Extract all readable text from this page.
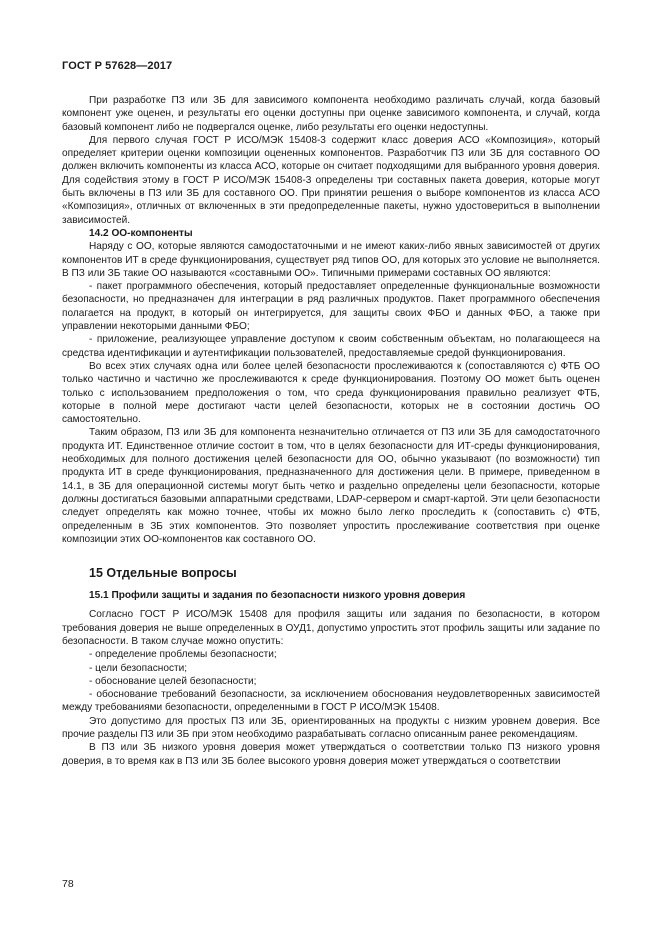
ГОСТ Р 57628—2017

При разработке ПЗ или ЗБ для зависимого компонента необходимо различать случай, когда базовый компонент уже оценен, и результаты его оценки доступны при оценке зависимого компонента, и случай, когда базовый компонент либо не подвергался оценке, либо результаты его оценки недоступны.

Для первого случая ГОСТ Р ИСО/МЭК 15408-3 содержит класс доверия АСО «Композиция», который определяет критерии оценки композиции оцененных компонентов. Разработчик ПЗ или ЗБ для составного ОО должен включить компоненты из класса АСО, которые он считает подходящими для выбранного уровня доверия. Для содействия этому в ГОСТ Р ИСО/МЭК 15408-3 определены три составных пакета доверия, которые могут быть включены в ПЗ или ЗБ для составного ОО. При принятии решения о выборе компонентов из класса АСО «Композиция», отличных от включенных в эти предопределенные пакеты, нужно удостовериться в выполнении зависимостей.

14.2 ОО-компоненты

Наряду с ОО, которые являются самодостаточными и не имеют каких-либо явных зависимостей от других компонентов ИТ в среде функционирования, существует ряд типов ОО, для которых это условие не выполняется. В ПЗ или ЗБ такие ОО называются «составными ОО». Типичными примерами составных ОО являются:

- пакет программного обеспечения, который предоставляет определенные функциональные возможности безопасности, но предназначен для интеграции в ряд различных продуктов. Пакет программного обеспечения полагается на продукт, в который он интегрируется, для защиты своих ФБО и данных ФБО, а также при управлении некоторыми данными ФБО;

- приложение, реализующее управление доступом к своим собственным объектам, но полагающееся на средства идентификации и аутентификации пользователей, предоставляемые средой функционирования.

Во всех этих случаях одна или более целей безопасности прослеживаются к (сопоставляются с) ФТБ ОО только частично и частично же прослеживаются к среде функционирования. Поэтому ОО может быть оценен только с использованием предположения о том, что среда функционирования правильно реализует ФТБ, которые в полной мере достигают части целей безопасности, которых не в состоянии достичь ОО самостоятельно.

Таким образом, ПЗ или ЗБ для компонента незначительно отличается от ПЗ или ЗБ для самодостаточного продукта ИТ. Единственное отличие состоит в том, что в целях безопасности для ИТ-среды функционирования, необходимых для полного достижения целей безопасности для ОО, обычно указывают (по возможности) тип продукта ИТ в среде функционирования, предназначенного для достижения цели. В примере, приведенном в 14.1, в ЗБ для операционной системы могут быть четко и раздельно определены цели безопасности, которые должны достигаться базовыми аппаратными средствами, LDAP-сервером и смарт-картой. Эти цели безопасности следует определять как можно точнее, чтобы их можно было легко проследить к (сопоставить с) ФТБ, определенным в ЗБ этих компонентов. Это позволяет упростить прослеживание соответствия при оценке композиции этих ОО-компонентов как составного ОО.

15 Отдельные вопросы
15.1 Профили защиты и задания по безопасности низкого уровня доверия

Согласно ГОСТ Р ИСО/МЭК 15408 для профиля защиты или задания по безопасности, в котором требования доверия не выше определенных в ОУД1, допустимо упростить этот профиль защиты или задание по безопасности. В таком случае можно опустить:

- определение проблемы безопасности;
- цели безопасности;
- обоснование целей безопасности;

- обоснование требований безопасности, за исключением обоснования неудовлетворенных зависимостей между требованиями безопасности, определенными в ГОСТ Р ИСО/МЭК 15408.

Это допустимо для простых ПЗ или ЗБ, ориентированных на продукты с низким уровнем доверия. Все прочие разделы ПЗ или ЗБ при этом необходимо разрабатывать согласно описанным ранее рекомендациям.

В ПЗ или ЗБ низкого уровня доверия может утверждаться о соответствии только ПЗ низкого уровня доверия, в то время как в ПЗ или ЗБ более высокого уровня доверия может утверждаться о соответствии

78
